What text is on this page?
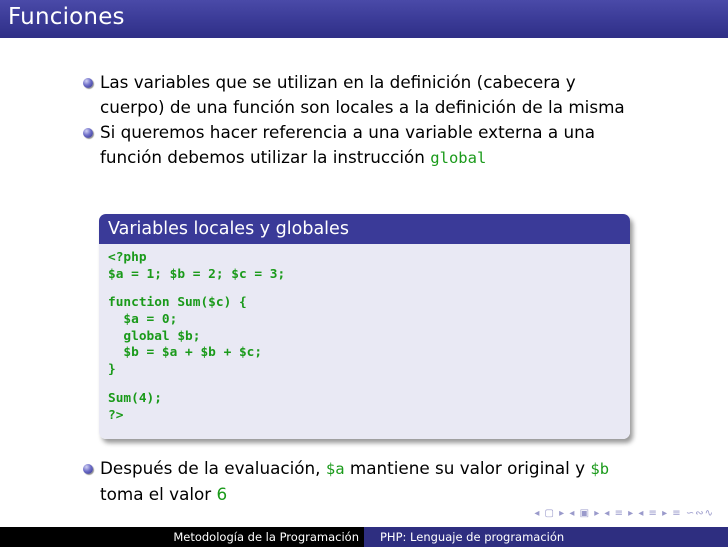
Funciones
Las variables que se utilizan en la definición (cabecera y
cuerpo) de una función son locales a la definición de la misma
Si queremos hacer referencia a una variable externa a una
función debemos utilizar la instrucción global
Variables locales y globales
<?php
$a = 1; $b = 2; $c = 3;
function Sum($c) {
$a = 0;
global $b;
$b = $a + $b + $c;
}
Sum(4);
?>
Después de la evaluación, $a mantiene su valor original y $b
toma el valor 6
◂ ▢ ▸ ◂ ▣ ▸ ◂ ≡ ▸ ◂ ≡ ▸ ≡ ∽∾∿
Metodología de la Programación	PHP: Lenguaje de programación
